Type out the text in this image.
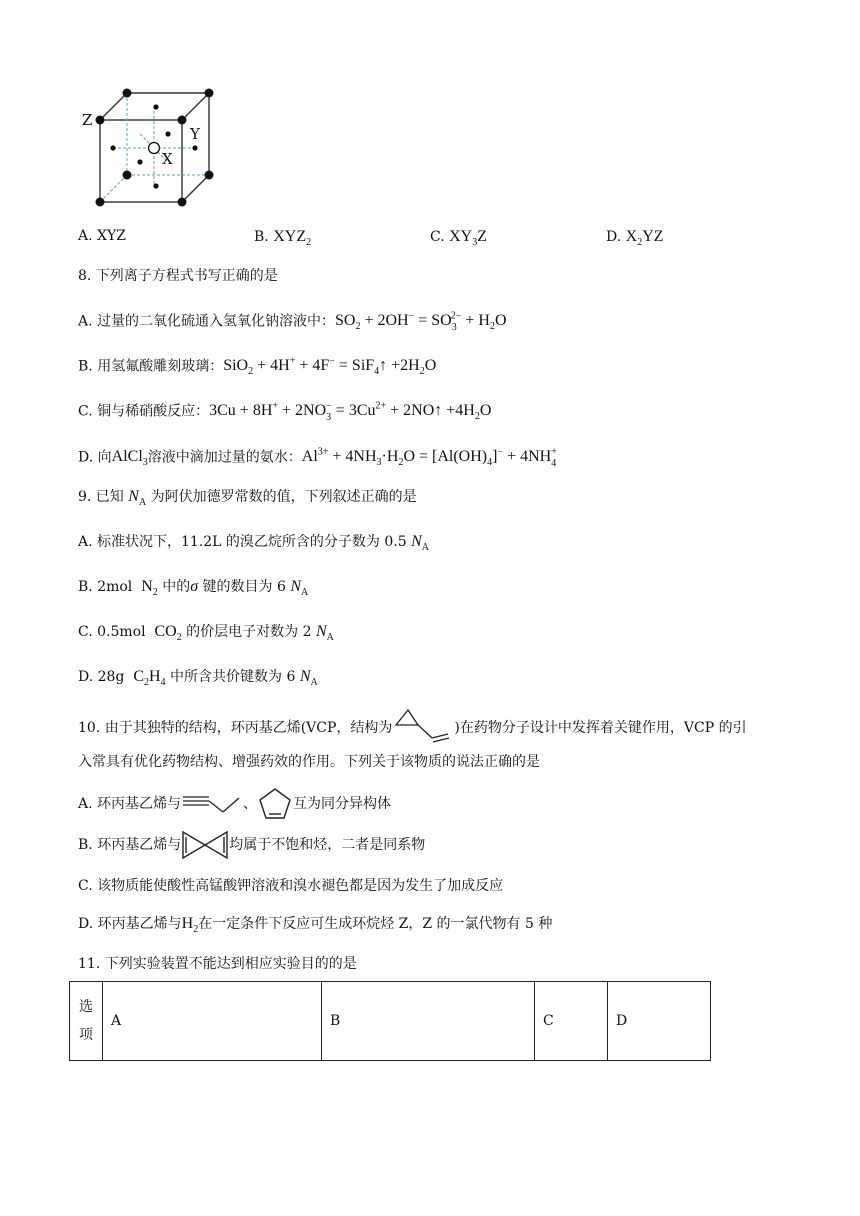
Z
Y
X
A. XYZ	B. $XYZ_2$	C. $XY_3Z$	D. $X_2YZ$
8. 下列离子方程式书写正确的是
A. 过量的二氧化硫通入氢氧化钠溶液中：$SO_2 + 2OH^- = SO_3^{2-} + H_2O$
B. 用氢氟酸雕刻玻璃：SiO$_2$ + 4H+ + 4F− = SiF$_4$↑ $+2H_2O$
C. 铜与稀硝酸反应：$3Cu + 8H^+ + 2NO_3^- = 3Cu^{2+}$ + 2NO↑ $+4H_2O$
D. 向AlCl$_3$溶液中滴加过量的氨水：$Al^{3+} + 4NH_3\cdot H_2O = [Al(OH)_4]^- + 4NH_4^+$
9. 已知 $N_A$ 为阿伏加德罗常数的值，下列叙述正确的是
A. 标准状况下，11.2L 的溴乙烷所含的分子数为 0.5 $N_A$
B. 2mol $N_2$ 中的σ 键的数目为 6 $N_A$
C. 0.5mol $CO_2$ 的价层电子对数为 2 $N_A$
D. 28g $C_2H_4$ 中所含共价键数为 6 $N_A$
10. 由于其独特的结构，环丙基乙烯(VCP，结构为	)在药物分子设计中发挥着关键作用，VCP 的引
入常具有优化药物结构、增强药效的作用。下列关于该物质的说法正确的是
A. 环丙基乙烯与	、	互为同分异构体
B. 环丙基乙烯与	均属于不饱和烃，二者是同系物
C. 该物质能使酸性高锰酸钾溶液和溴水褪色都是因为发生了加成反应
D. 环丙基乙烯与$H_2$在一定条件下反应可生成环烷烃 Z，Z 的一氯代物有 5 种
11. 下列实验装置不能达到相应实验目的的是
选项	A	B	C	D
